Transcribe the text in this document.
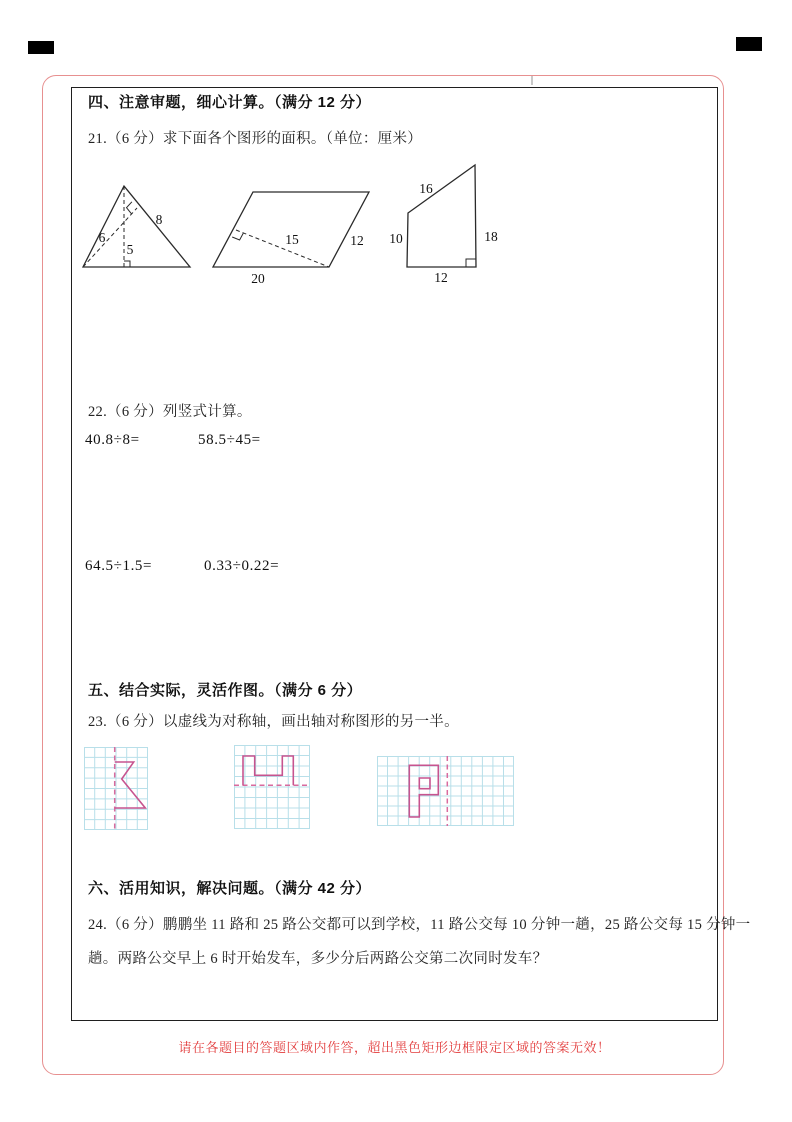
四、注意审题，细心计算。（满分 12 分）
21.（6 分）求下面各个图形的面积。（单位：厘米）
6
5
8
15	12
20
16
10	18
12
22.（6 分）列竖式计算。
40.8÷8=	58.5÷45=
64.5÷1.5=	0.33÷0.22=
五、结合实际，灵活作图。（满分 6 分）
23.（6 分）以虚线为对称轴，画出轴对称图形的另一半。
六、活用知识，解决问题。（满分 42 分）
24.（6 分）鹏鹏坐 11 路和 25 路公交都可以到学校，11 路公交每 10 分钟一趟，25 路公交每 15 分钟一
趟。两路公交早上 6 时开始发车，多少分后两路公交第二次同时发车？
请在各题目的答题区域内作答，超出黑色矩形边框限定区域的答案无效！
